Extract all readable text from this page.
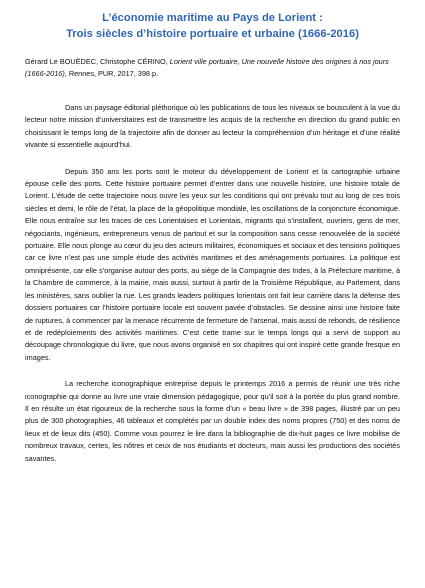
L’économie maritime au Pays de Lorient :
Trois siècles d’histoire portuaire et urbaine (1666-2016)

Gérard Le BOUËDEC, Christophe CÉRINO, Lorient ville portuaire, Une nouvelle histoire des origines à nos jours (1666-2016), Rennes, PUR, 2017, 398 p.

Dans un paysage éditorial pléthorique où les publications de tous les niveaux se bousculent à la vue du lecteur notre mission d’universitaires est de transmettre les acquis de la recherche en direction du grand public en choisissant le temps long de la trajectoire afin de donner au lecteur la compréhension d’un héritage et d’une réalité vivante si essentielle aujourd’hui.

Depuis 350 ans les ports sont le moteur du développement de Lorient et la cartographie urbaine épouse celle des ports. Cette histoire portuaire permet d’entrer dans une nouvelle histoire, une histoire totale de Lorient. L’étude de cette trajectoire nous ouvre les yeux sur les conditions qui ont prévalu tout au long de ces trois siècles et demi, le rôle de l’état, la place de la géopolitique mondiale, les oscillations de la conjoncture économique. Elle nous entraîne sur les traces de ces Lorientaises et Lorientais, migrants qui s’installent, ouvriers, gens de mer, négociants, ingénieurs, entrepreneurs venus de partout et sur la composition sans cesse renouvelée de la société portuaire. Elle nous plonge au cœur du jeu des acteurs militaires, économiques et sociaux et des tensions politiques car ce livre n’est pas une simple étude des activités maritimes et des aménagements portuaires. La politique est omniprésente, car elle s’organise autour des ports, au siège de la Compagnie des Indes, à la Préfecture maritime, à la Chambre de commerce, à la mairie, mais aussi, surtout à partir de la Troisième République, au Parlement, dans les ministères, sans oublier la rue. Les grands leaders politiques lorientais ont fait leur carrière dans la défense des dossiers portuaires car l’histoire portuaire locale est souvent pavée d’obstacles. Se dessine ainsi une histoire faite de ruptures, à commencer par la menace récurrente de fermeture de l’arsenal, mais aussi de rebonds, de résilience et de redéploiements des activités maritimes. C’est cette trame sur le temps longs qui a servi de support au découpage chronologique du livre, que nous avons organisé en six chapitres qui ont inspiré cette grande fresque en images.

La recherche iconographique entreprise depuis le printemps 2016 a permis de réunir une très riche iconographie qui donne au livre une vraie dimension pédagogique, pour qu’il soit à la portée du plus grand nombre. Il en résulte un état rigoureux de la recherche sous la forme d’un « beau livre » de 398 pages, illustré par un peu plus de 300 photographies, 46 tableaux et complétés par un double index des noms propres (750) et des noms de lieux et de lieux dits (450). Comme vous pourrez le lire dans la bibliographie de dix-huit pages ce livre mobilise de nombreux travaux, certes, les nôtres et ceux de nos étudiants et docteurs, mais aussi les productions des sociétés savantes.
